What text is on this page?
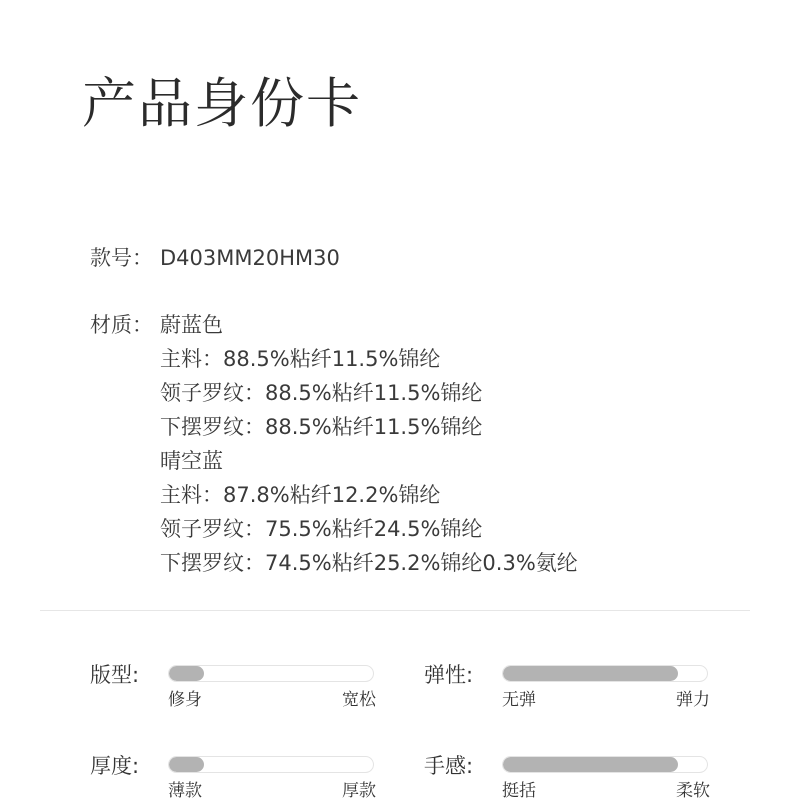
产品身份卡
款号： D403MM20HM30
材质： 蔚蓝色
主料：88.5%粘纤11.5%锦纶
领子罗纹：88.5%粘纤11.5%锦纶
下摆罗纹：88.5%粘纤11.5%锦纶
晴空蓝
主料：87.8%粘纤12.2%锦纶
领子罗纹：75.5%粘纤24.5%锦纶
下摆罗纹：74.5%粘纤25.2%锦纶0.3%氨纶
版型:
修身	宽松
弹性:
无弹	弹力
厚度:
薄款	厚款
手感:
挺括	柔软
